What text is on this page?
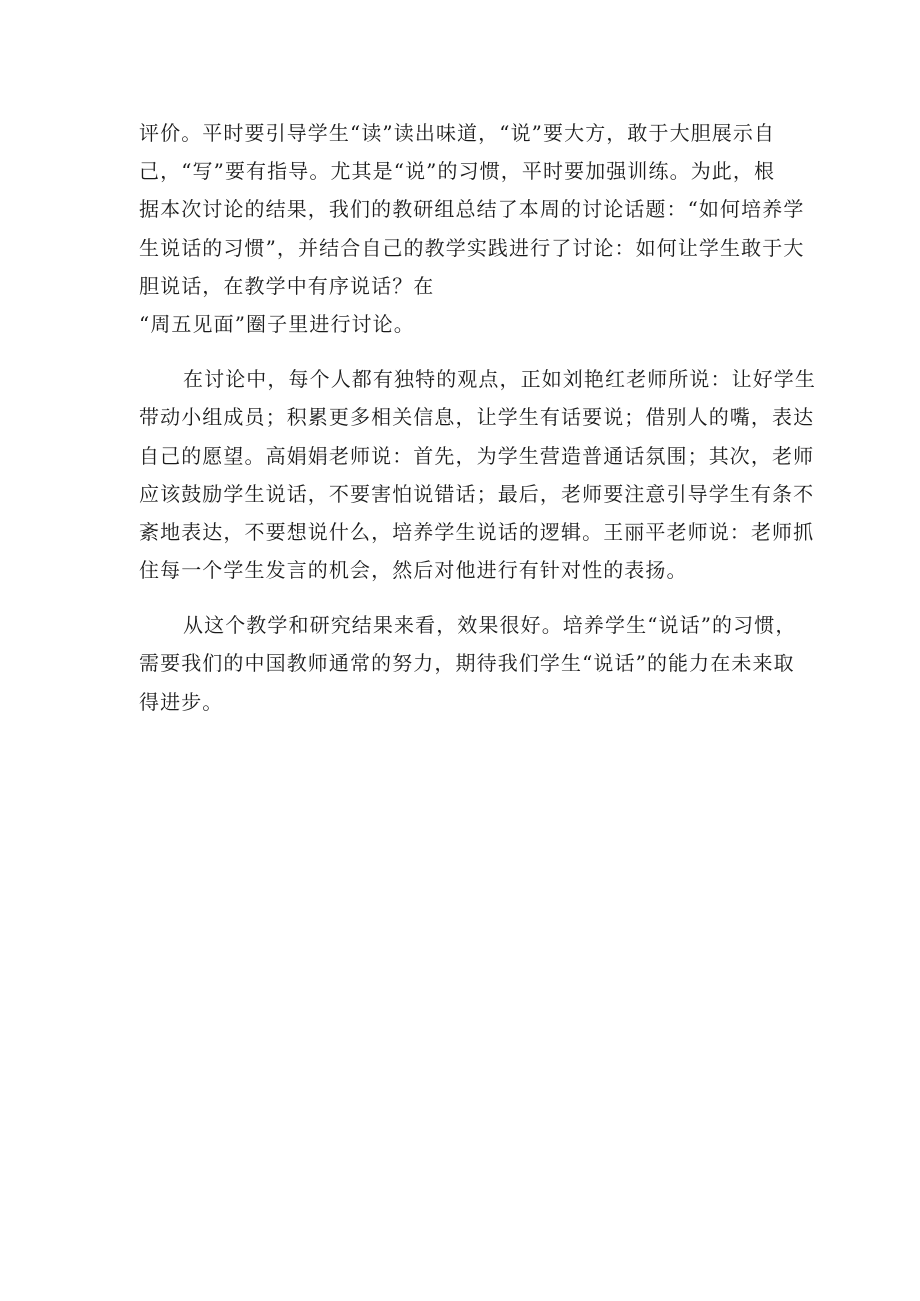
评价。平时要引导学生“读”读出味道，“说”要大方，敢于大胆展示自
己，“写”要有指导。尤其是“说”的习惯，平时要加强训练。为此，根
据本次讨论的结果，我们的教研组总结了本周的讨论话题：“如何培养学
生说话的习惯”，并结合自己的教学实践进行了讨论：如何让学生敢于大
胆说话，在教学中有序说话？在
“周五见面”圈子里进行讨论。
在讨论中，每个人都有独特的观点，正如刘艳红老师所说：让好学生
带动小组成员；积累更多相关信息，让学生有话要说；借别人的嘴，表达
自己的愿望。高娟娟老师说：首先，为学生营造普通话氛围；其次，老师
应该鼓励学生说话，不要害怕说错话；最后，老师要注意引导学生有条不
紊地表达，不要想说什么，培养学生说话的逻辑。王丽平老师说：老师抓
住每一个学生发言的机会，然后对他进行有针对性的表扬。
从这个教学和研究结果来看，效果很好。培养学生“说话”的习惯，
需要我们的中国教师通常的努力，期待我们学生“说话”的能力在未来取
得进步。
